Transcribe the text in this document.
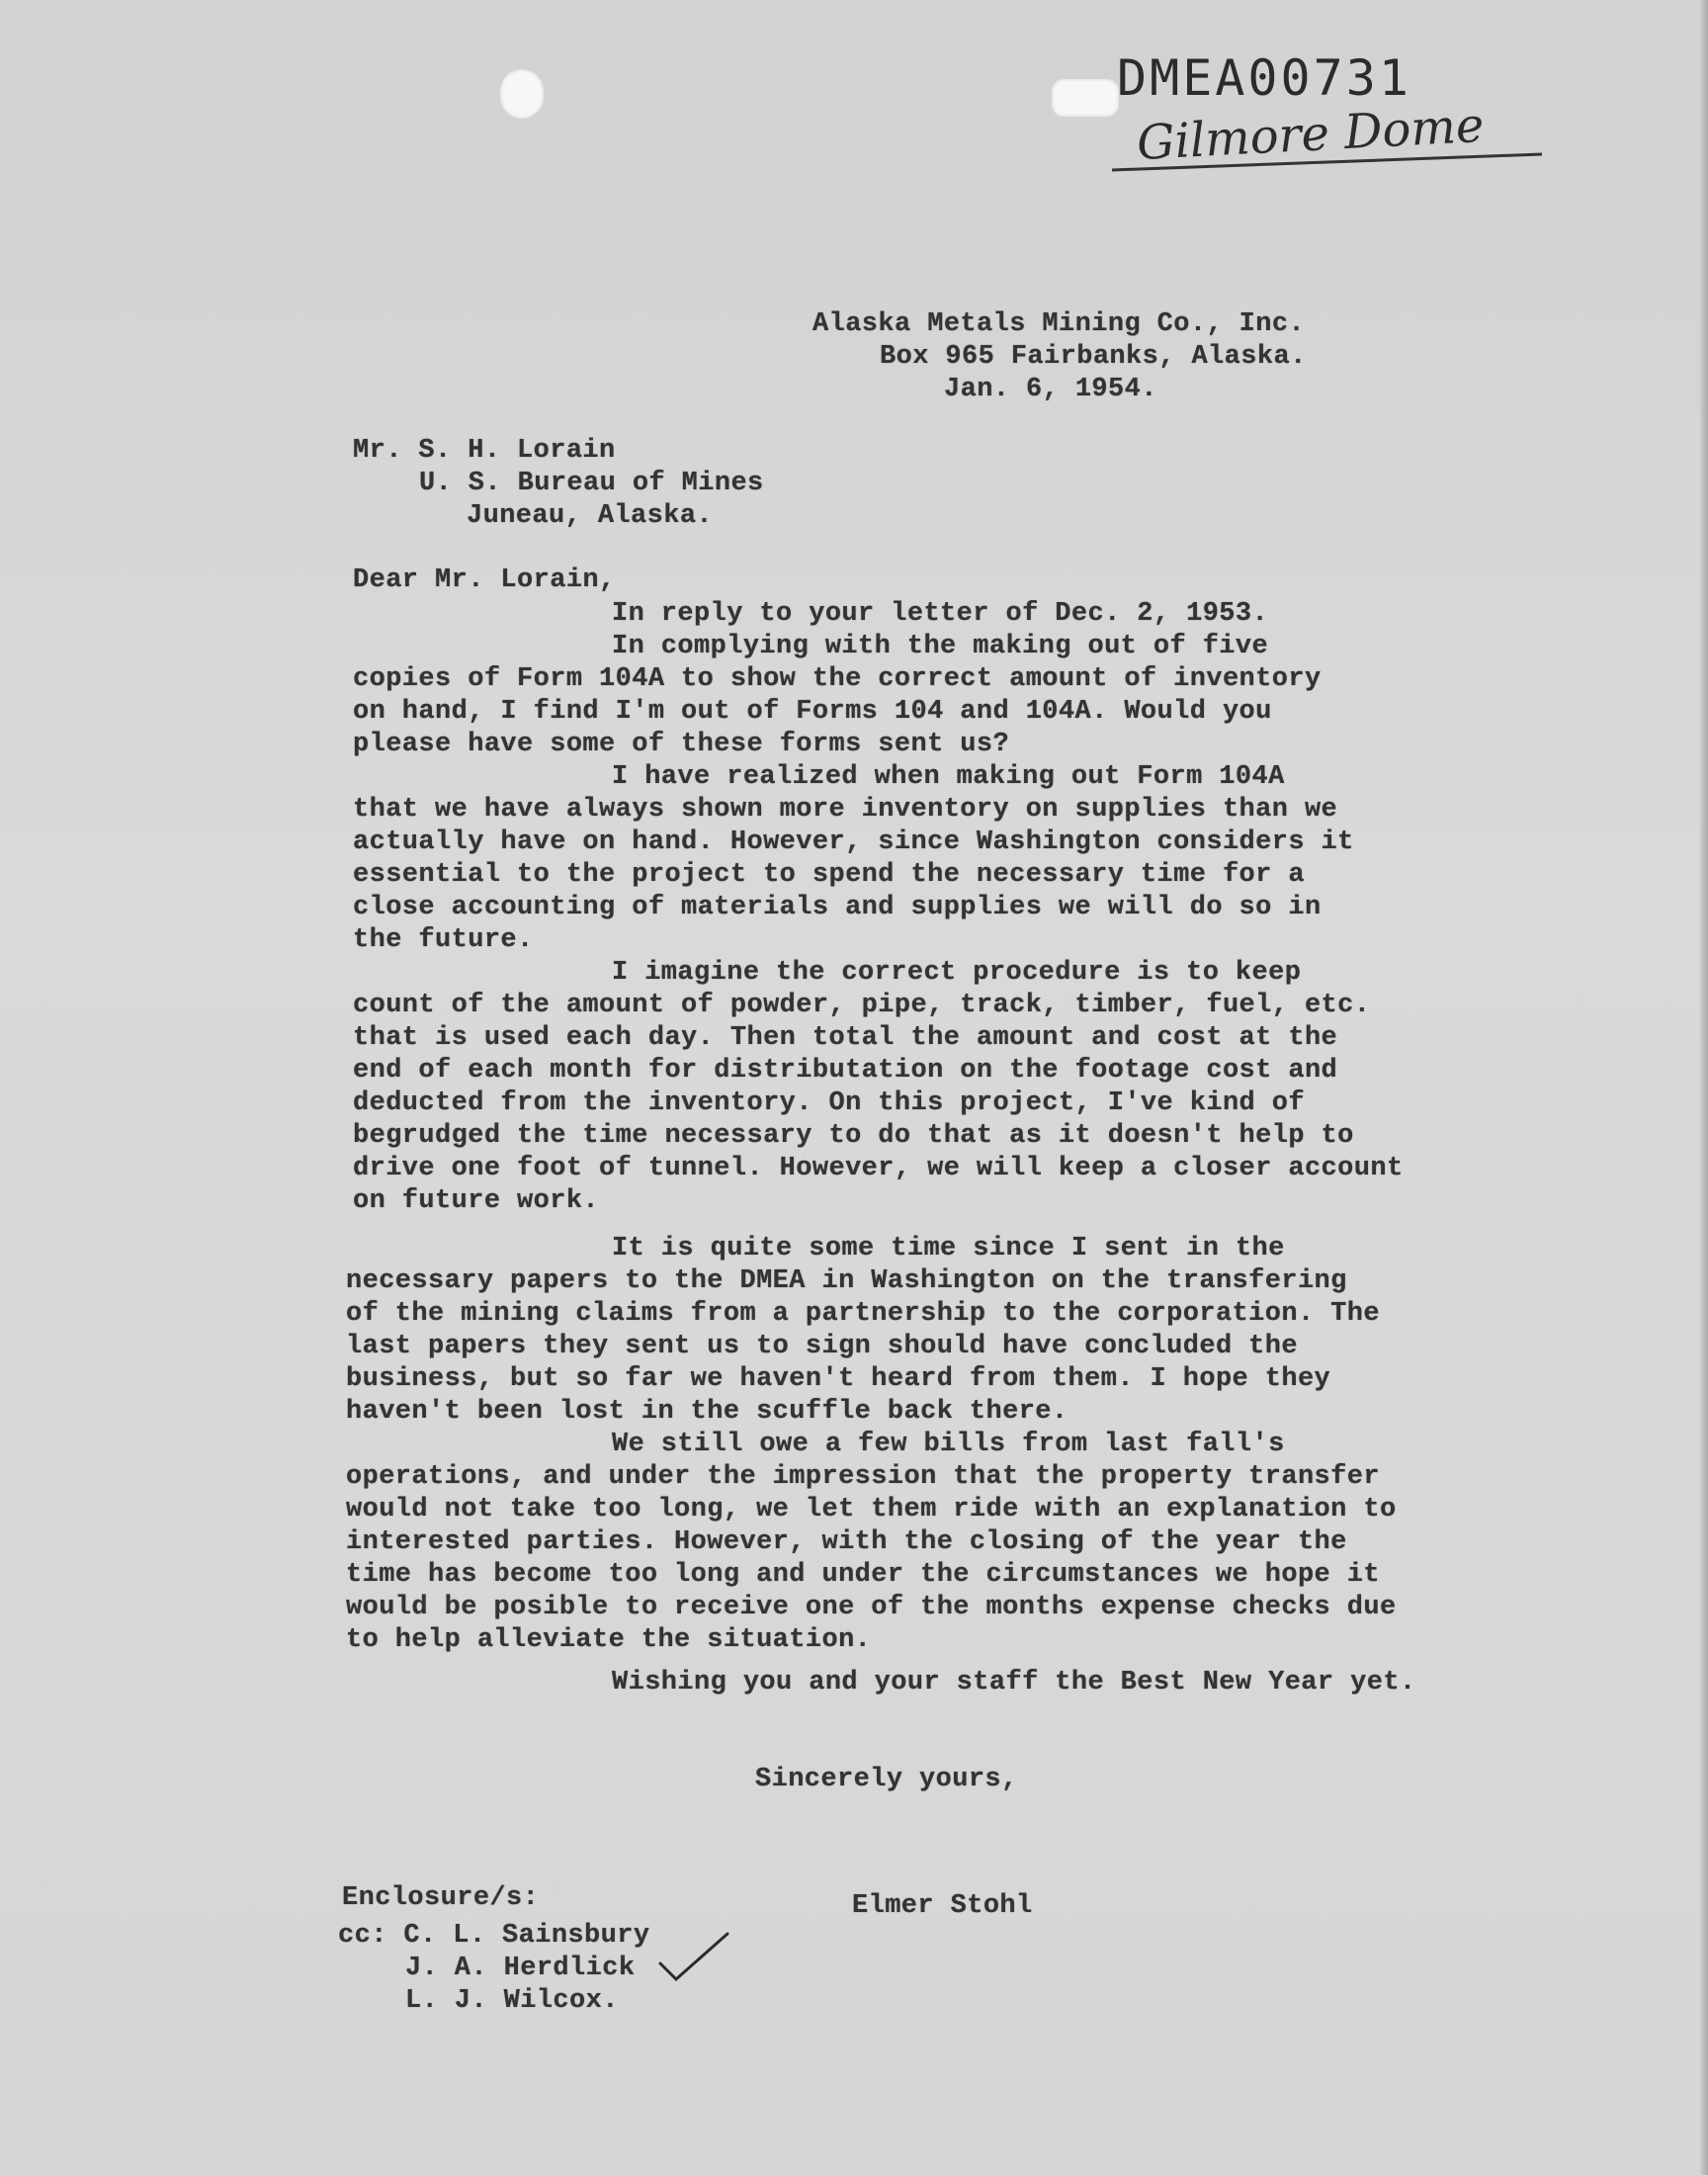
DMEA00731
Gilmore Dome
Alaska Metals Mining Co., Inc.
Box 965 Fairbanks, Alaska.
Jan. 6, 1954.
Mr. S. H. Lorain
U. S. Bureau of Mines
Juneau, Alaska.
Dear Mr. Lorain,
In reply to your letter of Dec. 2, 1953.
In complying with the making out of five
copies of Form 104A to show the correct amount of inventory
on hand, I find I'm out of Forms 104 and 104A. Would you
please have some of these forms sent us?
I have realized when making out Form 104A
that we have always shown more inventory on supplies than we
actually have on hand. However, since Washington considers it
essential to the project to spend the necessary time for a
close accounting of materials and supplies we will do so in
the future.
I imagine the correct procedure is to keep
count of the amount of powder, pipe, track, timber, fuel, etc.
that is used each day. Then total the amount and cost at the
end of each month for distributation on the footage cost and
deducted from the inventory. On this project, I've kind of
begrudged the time necessary to do that as it doesn't help to
drive one foot of tunnel. However, we will keep a closer account
on future work.
It is quite some time since I sent in the
necessary papers to the DMEA in Washington on the transfering
of the mining claims from a partnership to the corporation. The
last papers they sent us to sign should have concluded the
business, but so far we haven't heard from them. I hope they
haven't been lost in the scuffle back there.
We still owe a few bills from last fall's
operations, and under the impression that the property transfer
would not take too long, we let them ride with an explanation to
interested parties. However, with the closing of the year the
time has become too long and under the circumstances we hope it
would be posible to receive one of the months expense checks due
to help alleviate the situation.
Wishing you and your staff the Best New Year yet.
Sincerely yours,
Elmer Stohl
Enclosure/s:
cc: C. L. Sainsbury
J. A. Herdlick
L. J. Wilcox.
